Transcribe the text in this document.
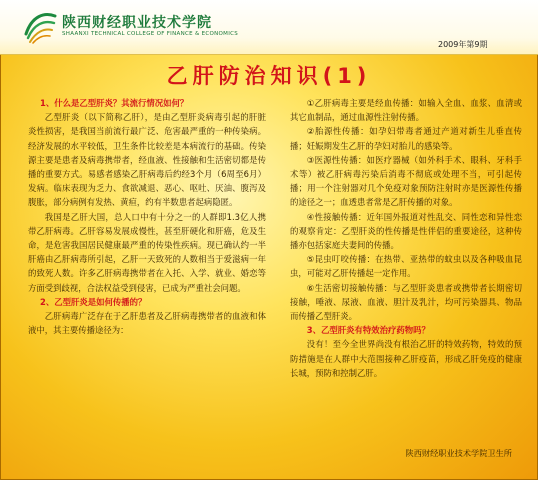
陕西财经职业技术学院
SHAANXI TECHNICAL COLLEGE OF FINANCE & ECONOMICS
2009年第9期
乙肝防治知识(1)

1、什么是乙型肝炎？其流行情况如何？

乙型肝炎（以下简称乙肝），是由乙型肝炎病毒引起的肝脏炎性损害，是我国当前流行最广泛、危害最严重的一种传染病。经济发展的水平较低，卫生条件比较差是本病流行的基础。传染源主要是患者及病毒携带者，经血液、性接触和生活密切都是传播的重要方式。易感者感染乙肝病毒后约经3个月（6周至6月）发病。临床表现为乏力、食欲减退、恶心、呕吐、厌油、腹泻及腹胀，部分病例有发热、黄疸，约有半数患者起病隐匿。

我国是乙肝大国，总人口中有十分之一的人群即1.3亿人携带乙肝病毒。乙肝容易发展成慢性，甚至肝硬化和肝癌，危及生命，是危害我国居民健康最严重的传染性疾病。现已确认约一半肝癌由乙肝病毒所引起，乙肝一天致死的人数相当于爱滋病一年的致死人数。许多乙肝病毒携带者在入托、入学、就业、婚恋等方面受到歧视，合法权益受到侵害，已成为严重社会问题。

2、乙型肝炎是如何传播的？

乙肝病毒广泛存在于乙肝患者及乙肝病毒携带者的血液和体液中，其主要传播途径为：

①乙肝病毒主要是经血传播：如输入全血、血浆、血清或其它血制品，通过血源性注射传播。

②胎源性传播：如孕妇带毒者通过产道对新生儿垂直传播；妊娠期发生乙肝的孕妇对胎儿的感染等。

③医源性传播：如医疗器械（如外科手术、眼科、牙科手术等）被乙肝病毒污染后消毒不彻底或处理不当，可引起传播；用一个注射器对几个免疫对象预防注射时亦是医源性传播的途径之一；血透患者常是乙肝传播的对象。

④性接触传播：近年国外报道对性乱交、同性恋和异性恋的观察肯定：乙型肝炎的性传播是性伴侣的重要途径，这种传播亦包括家庭夫妻间的传播。

⑤昆虫叮咬传播：在热带、亚热带的蚊虫以及各种吸血昆虫，可能对乙肝传播起一定作用。

⑥生活密切接触传播：与乙型肝炎患者或携带者长期密切接触，唾液、尿液、血液、胆汁及乳汁，均可污染器具、物品而传播乙型肝炎。

3、乙型肝炎有特效治疗药物吗？

没有！至今全世界尚没有根治乙肝的特效药物，特效的预防措施是在人群中大范围接种乙肝疫苗，形成乙肝免疫的健康长城，预防和控制乙肝。

陕西财经职业技术学院卫生所
